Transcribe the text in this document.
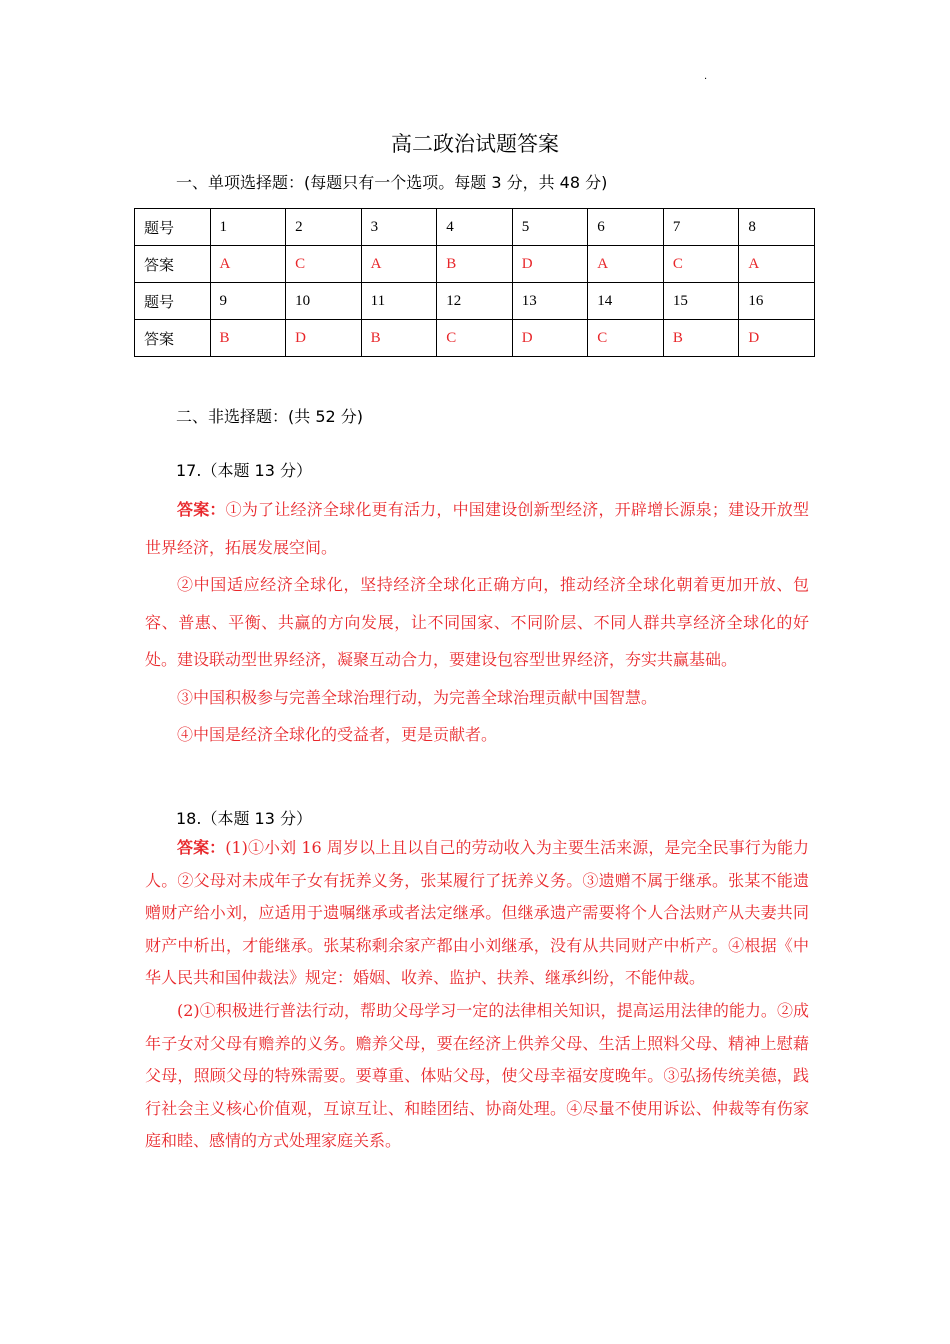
·
高二政治试题答案
一、单项选择题：(每题只有一个选项。每题 3 分，共 48 分)
题号	1	2	3	4	5	6	7	8
答案	A	C	A	B	D	A	C	A
题号	9	10	11	12	13	14	15	16
答案	B	D	B	C	D	C	B	D
二、非选择题：(共 52 分)
17.（本题 13 分）

答案：①为了让经济全球化更有活力，中国建设创新型经济，开辟增长源泉；建设开放型世界经济，拓展发展空间。

②中国适应经济全球化，坚持经济全球化正确方向，推动经济全球化朝着更加开放、包容、普惠、平衡、共赢的方向发展，让不同国家、不同阶层、不同人群共享经济全球化的好处。建设联动型世界经济，凝聚互动合力，要建设包容型世界经济，夯实共赢基础。

③中国积极参与完善全球治理行动，为完善全球治理贡献中国智慧。

④中国是经济全球化的受益者，更是贡献者。

18.（本题 13 分）

答案：(1)①小刘 16 周岁以上且以自己的劳动收入为主要生活来源，是完全民事行为能力人。②父母对未成年子女有抚养义务，张某履行了抚养义务。③遗赠不属于继承。张某不能遗赠财产给小刘，应适用于遗嘱继承或者法定继承。但继承遗产需要将个人合法财产从夫妻共同财产中析出，才能继承。张某称剩余家产都由小刘继承，没有从共同财产中析产。④根据《中华人民共和国仲裁法》规定：婚姻、收养、监护、扶养、继承纠纷，不能仲裁。

(2)①积极进行普法行动，帮助父母学习一定的法律相关知识，提高运用法律的能力。②成年子女对父母有赡养的义务。赡养父母，要在经济上供养父母、生活上照料父母、精神上慰藉父母，照顾父母的特殊需要。要尊重、体贴父母，使父母幸福安度晚年。③弘扬传统美德，践行社会主义核心价值观，互谅互让、和睦团结、协商处理。④尽量不使用诉讼、仲裁等有伤家庭和睦、感情的方式处理家庭关系。
